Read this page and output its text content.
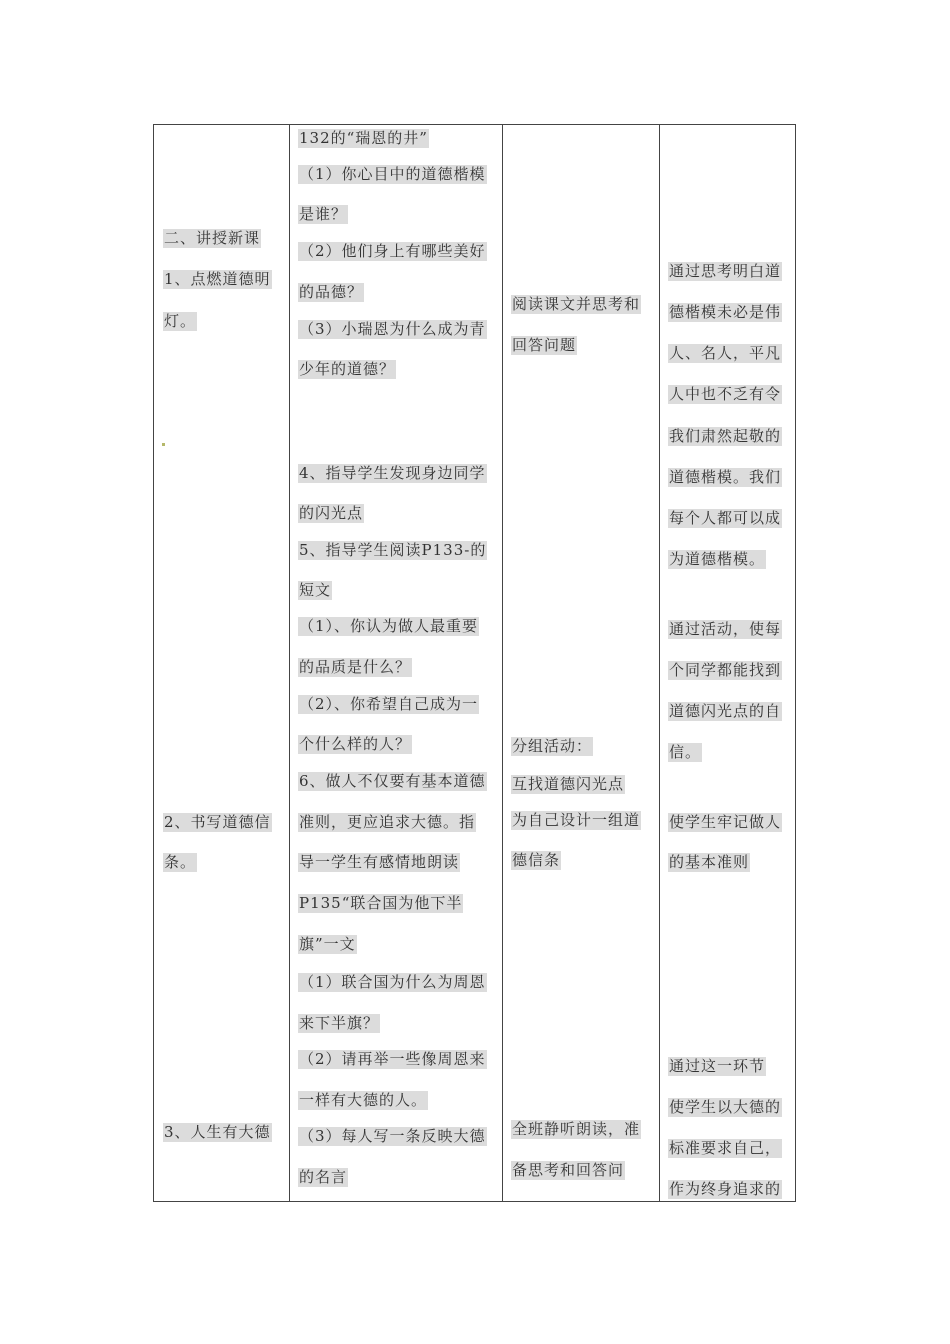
二、讲授新课
1、点燃道德明
灯。
2、书写道德信
条。
3、人生有大德
132的“瑞恩的井”
（1）你心目中的道德楷模
是谁？
（2）他们身上有哪些美好
的品德？
（3）小瑞恩为什么成为青
少年的道德？
4、指导学生发现身边同学
的闪光点
5、指导学生阅读P133-的
短文
（1）、你认为做人最重要
的品质是什么？
（2）、你希望自己成为一
个什么样的人？
6、做人不仅要有基本道德
准则，更应追求大德。指
导一学生有感情地朗读
P135“联合国为他下半
旗”一文
（1）联合国为什么为周恩
来下半旗？
（2）请再举一些像周恩来
一样有大德的人。
（3）每人写一条反映大德
的名言
阅读课文并思考和
回答问题
分组活动：
互找道德闪光点
为自己设计一组道
德信条
全班静听朗读，准
备思考和回答问
通过思考明白道
德楷模未必是伟
人、名人，平凡
人中也不乏有令
我们肃然起敬的
道德楷模。我们
每个人都可以成
为道德楷模。
通过活动，使每
个同学都能找到
道德闪光点的自
信。
使学生牢记做人
的基本准则
通过这一环节
使学生以大德的
标准要求自己，
作为终身追求的
